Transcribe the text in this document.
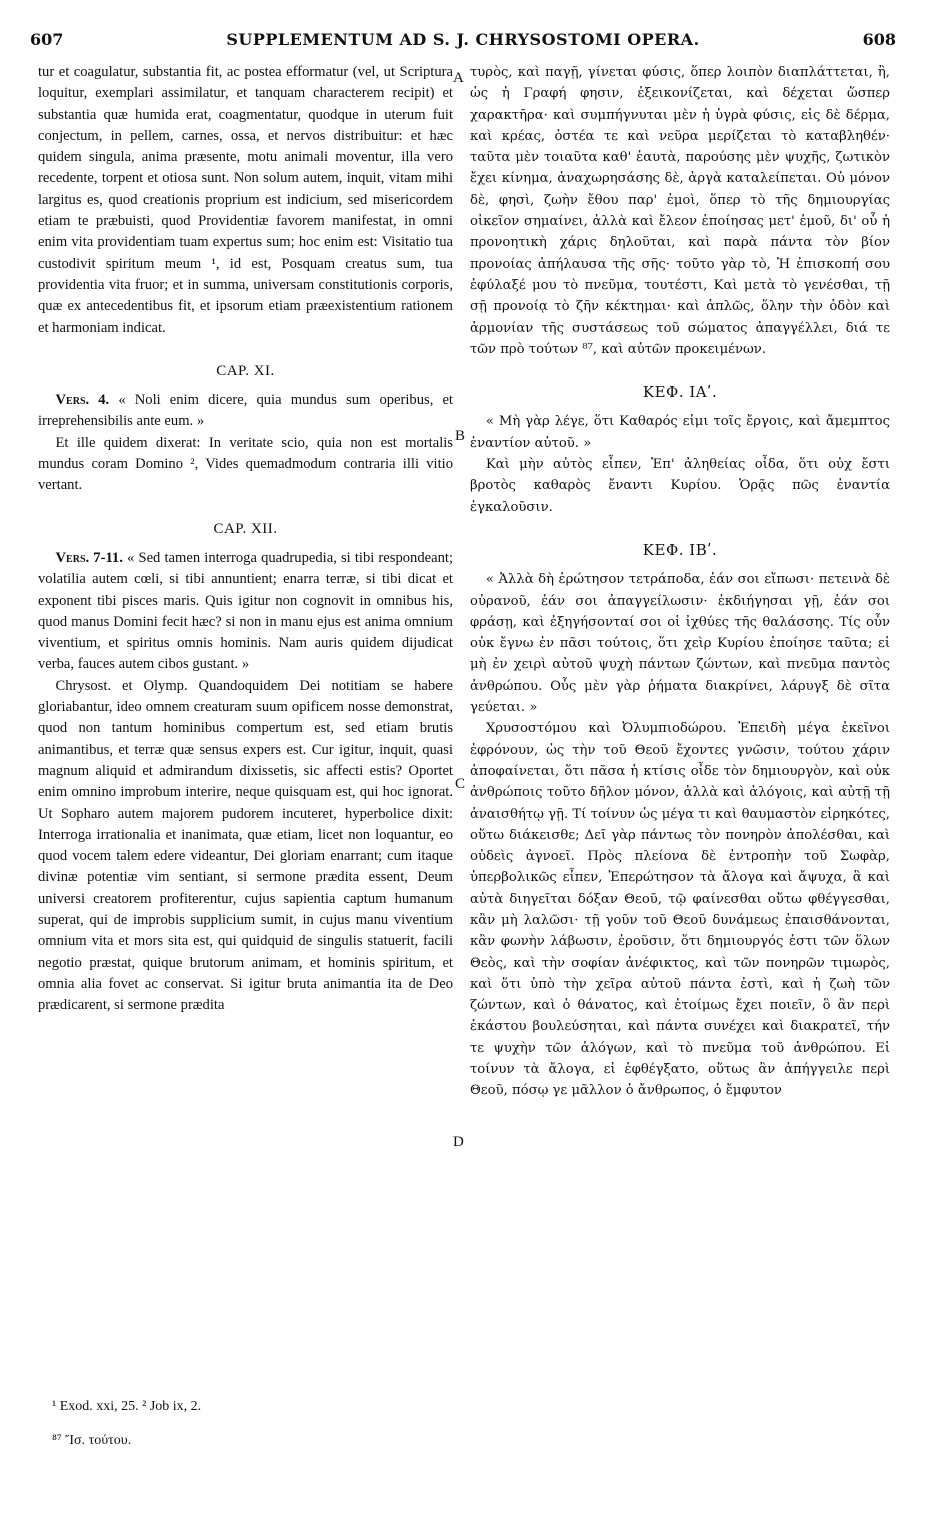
607	SUPPLEMENTUM AD S. J. CHRYSOSTOMI OPERA.	608
A
B
C
D

tur et coagulatur, substantia fit, ac postea efformatur (vel, ut Scriptura loquitur, exemplari assimilatur, et tanquam characterem recipit) et substantia quæ humida erat, coagmentatur, quodque in uterum fuit conjectum, in pellem, carnes, ossa, et nervos distribuitur: et hæc quidem singula, anima præsente, motu animali moventur, illa vero recedente, torpent et otiosa sunt. Non solum autem, inquit, vitam mihi largitus es, quod creationis proprium est indicium, sed misericordem etiam te præbuisti, quod Providentiæ favorem manifestat, in omni enim vita providentiam tuam expertus sum; hoc enim est: Visitatio tua custodivit spiritum meum ¹, id est, Posquam creatus sum, tua providentia vita fruor; et in summa, universam constitutionis corporis, quæ ex antecedentibus fit, et ipsorum etiam præexistentium rationem et harmoniam indicat.

CAP. XI.

Vers. 4. « Noli enim dicere, quia mundus sum operibus, et irreprehensibilis ante eum. »

Et ille quidem dixerat: In veritate scio, quia non est mortalis mundus coram Domino ², Vides quemadmodum contraria illi vitio vertant.

CAP. XII.

Vers. 7-11. « Sed tamen interroga quadrupedia, si tibi respondeant; volatilia autem cœli, si tibi annuntient; enarra terræ, si tibi dicat et exponent tibi pisces maris. Quis igitur non cognovit in omnibus his, quod manus Domini fecit hæc? si non in manu ejus est anima omnium viventium, et spiritus omnis hominis. Nam auris quidem dijudicat verba, fauces autem cibos gustant. »

Chrysost. et Olymp. Quandoquidem Dei notitiam se habere gloriabantur, ideo omnem creaturam suum opificem nosse demonstrat, quod non tantum hominibus compertum est, sed etiam brutis animantibus, et terræ quæ sensus expers est. Cur igitur, inquit, quasi magnum aliquid et admirandum dixissetis, sic affecti estis? Oportet enim omnino improbum interire, neque quisquam est, qui hoc ignorat. Ut Sopharo autem majorem pudorem incuteret, hyperbolice dixit: Interroga irrationalia et inanimata, quæ etiam, licet non loquantur, eo quod vocem talem edere videantur, Dei gloriam enarrant; cum itaque divinæ potentiæ vim sentiant, si sermone prædita essent, Deum universi creatorem profiterentur, cujus sapientia captum humanum superat, qui de improbis supplicium sumit, in cujus manu viventium omnium vita et mors sita est, qui quidquid de singulis statuerit, facili negotio præstat, quique brutorum animam, et hominis spiritum, et omnia alia fovet ac conservat. Si igitur bruta animantia ita de Deo prædicarent, si sermone prædita

τυρὸς, καὶ παγῇ, γίνεται φύσις, ὅπερ λοιπὸν διαπλάττεται, ἢ, ὡς ἡ Γραφή φησιν, ἐξεικονίζεται, καὶ δέχεται ὥσπερ χαρακτῆρα· καὶ συμπήγνυται μὲν ἡ ὑγρὰ φύσις, εἰς δὲ δέρμα, καὶ κρέας, ὀστέα τε καὶ νεῦρα μερίζεται τὸ καταβληθέν· ταῦτα μὲν τοιαῦτα καθ' ἑαυτὰ, παρούσης μὲν ψυχῆς, ζωτικὸν ἔχει κίνημα, ἀναχωρησάσης δὲ, ἀργὰ καταλείπεται. Οὐ μόνον δὲ, φησὶ, ζωὴν ἔθου παρ' ἐμοὶ, ὅπερ τὸ τῆς δημιουργίας οἰκεῖον σημαίνει, ἀλλὰ καὶ ἔλεον ἐποίησας μετ' ἐμοῦ, δι' οὗ ἡ προνοητικὴ χάρις δηλοῦται, καὶ παρὰ πάντα τὸν βίον προνοίας ἀπήλαυσα τῆς σῆς· τοῦτο γὰρ τὸ, Ἡ ἐπισκοπή σου ἐφύλαξέ μου τὸ πνεῦμα, τουτέστι, Καὶ μετὰ τὸ γενέσθαι, τῇ σῇ προνοίᾳ τὸ ζῆν κέκτημαι· καὶ ἁπλῶς, ὅλην τὴν ὁδὸν καὶ ἁρμονίαν τῆς συστάσεως τοῦ σώματος ἀπαγγέλλει, διά τε τῶν πρὸ τούτων ⁸⁷, καὶ αὐτῶν προκειμένων.

ΚΕΦ. ΙΑʹ.

« Μὴ γὰρ λέγε, ὅτι Καθαρός εἰμι τοῖς ἔργοις, καὶ ἄμεμπτος ἐναντίον αὐτοῦ. »

Καὶ μὴν αὐτὸς εἶπεν, Ἐπ' ἀληθείας οἶδα, ὅτι οὐχ ἔστι βροτὸς καθαρὸς ἔναντι Κυρίου. Ὁρᾷς πῶς ἐναντία ἐγκαλοῦσιν.

ΚΕΦ. ΙΒʹ.

« Ἀλλὰ δὴ ἐρώτησον τετράποδα, ἐάν σοι εἴπωσι· πετεινὰ δὲ οὐρανοῦ, ἐάν σοι ἀπαγγείλωσιν· ἐκδιήγησαι γῇ, ἐάν σοι φράσῃ, καὶ ἐξηγήσονταί σοι οἱ ἰχθύες τῆς θαλάσσης. Τίς οὖν οὐκ ἔγνω ἐν πᾶσι τούτοις, ὅτι χεὶρ Κυρίου ἐποίησε ταῦτα; εἰ μὴ ἐν χειρὶ αὐτοῦ ψυχὴ πάντων ζώντων, καὶ πνεῦμα παντὸς ἀνθρώπου. Οὖς μὲν γὰρ ῥήματα διακρίνει, λάρυγξ δὲ σῖτα γεύεται. »

Χρυσοστόμου καὶ Ὀλυμπιοδώρου. Ἐπειδὴ μέγα ἐκεῖνοι ἐφρόνουν, ὡς τὴν τοῦ Θεοῦ ἔχοντες γνῶσιν, τούτου χάριν ἀποφαίνεται, ὅτι πᾶσα ἡ κτίσις οἶδε τὸν δημιουργὸν, καὶ οὐκ ἀνθρώποις τοῦτο δῆλον μόνον, ἀλλὰ καὶ ἀλόγοις, καὶ αὐτῇ τῇ ἀναισθήτῳ γῇ. Τί τοίνυν ὡς μέγα τι καὶ θαυμαστὸν εἰρηκότες, οὕτω διάκεισθε; Δεῖ γὰρ πάντως τὸν πονηρὸν ἀπολέσθαι, καὶ οὐδεὶς ἀγνοεῖ. Πρὸς πλείονα δὲ ἐντροπὴν τοῦ Σωφὰρ, ὑπερβολικῶς εἶπεν, Ἐπερώτησον τὰ ἄλογα καὶ ἄψυχα, ἃ καὶ αὐτὰ διηγεῖται δόξαν Θεοῦ, τῷ φαίνεσθαι οὕτω φθέγγεσθαι, κἂν μὴ λαλῶσι· τῇ γοῦν τοῦ Θεοῦ δυνάμεως ἐπαισθάνονται, κἂν φωνὴν λάβωσιν, ἐροῦσιν, ὅτι δημιουργός ἐστι τῶν ὅλων Θεὸς, καὶ τὴν σοφίαν ἀνέφικτος, καὶ τῶν πονηρῶν τιμωρὸς, καὶ ὅτι ὑπὸ τὴν χεῖρα αὐτοῦ πάντα ἐστὶ, καὶ ἡ ζωὴ τῶν ζώντων, καὶ ὁ θάνατος, καὶ ἑτοίμως ἔχει ποιεῖν, ὃ ἂν περὶ ἑκάστου βουλεύσηται, καὶ πάντα συνέχει καὶ διακρατεῖ, τήν τε ψυχὴν τῶν ἀλόγων, καὶ τὸ πνεῦμα τοῦ ἀνθρώπου. Εἰ τοίνυν τὰ ἄλογα, εἰ ἐφθέγξατο, οὕτως ἂν ἀπήγγειλε περὶ Θεοῦ, πόσῳ γε μᾶλλον ὁ ἄνθρωπος, ὁ ἔμφυτον

¹ Exod. xxi, 25. ² Job ix, 2.
⁸⁷ Ἴσ. τούτου.
